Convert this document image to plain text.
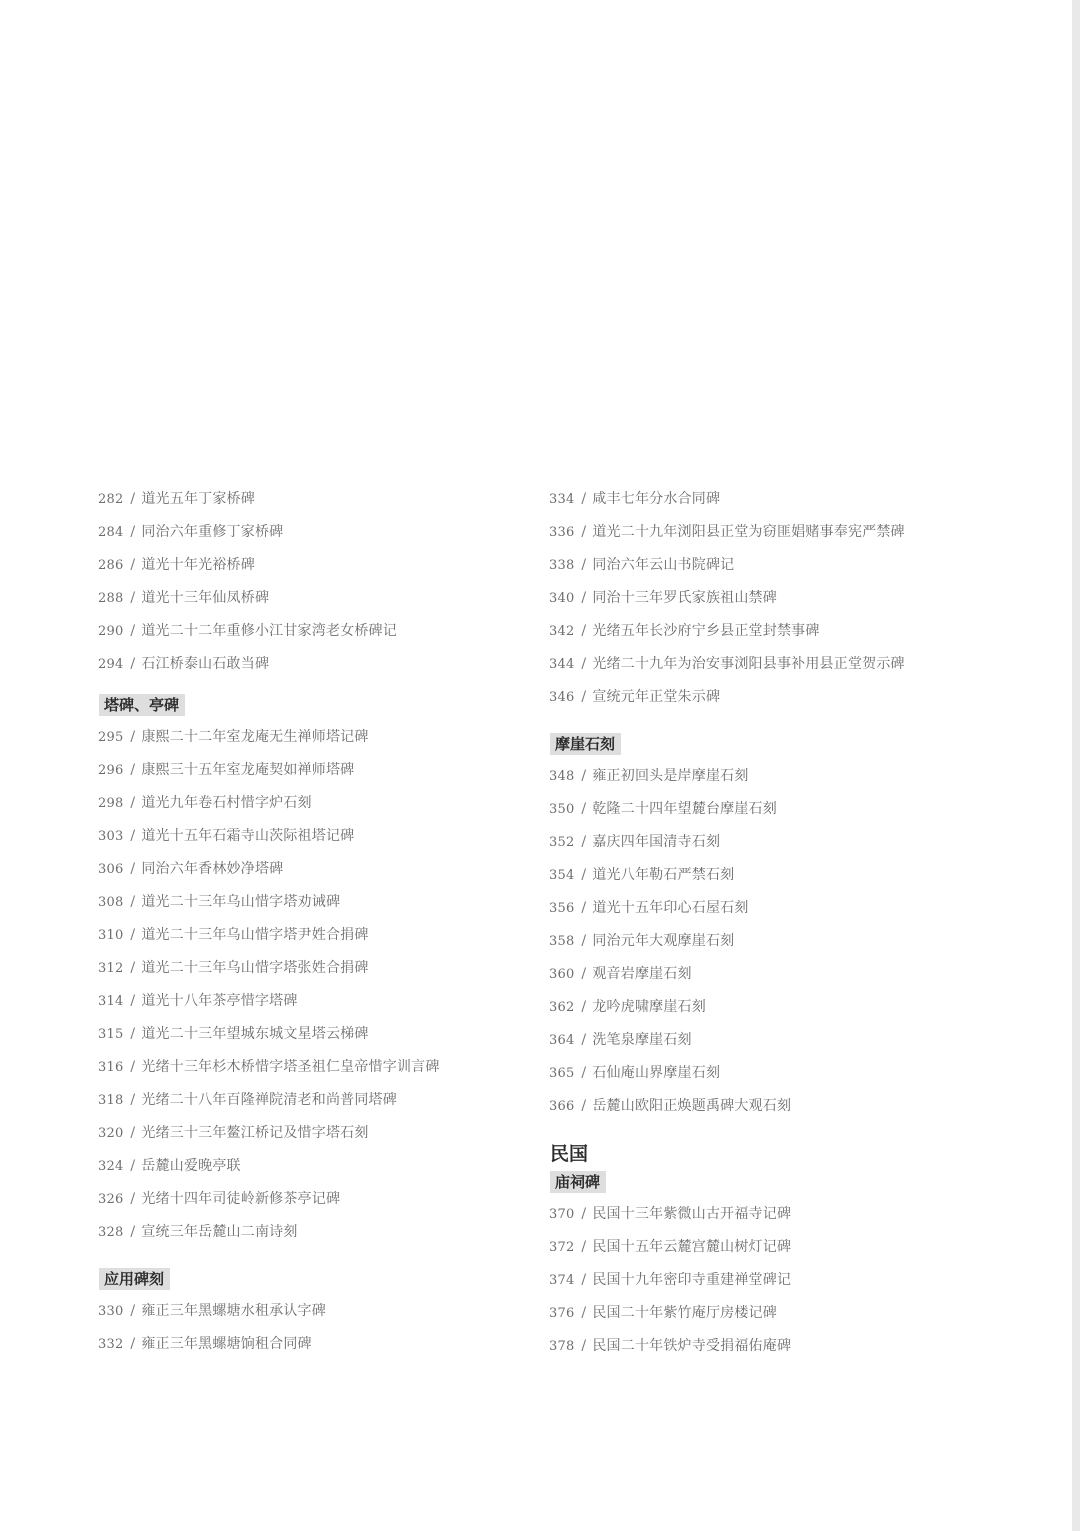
282 / 道光五年丁家桥碑
284 / 同治六年重修丁家桥碑
286 / 道光十年光裕桥碑
288 / 道光十三年仙凤桥碑
290 / 道光二十二年重修小江甘家湾老女桥碑记
294 / 石江桥泰山石敢当碑
塔碑、亭碑
295 / 康熙二十二年室龙庵无生禅师塔记碑
296 / 康熙三十五年室龙庵契如禅师塔碑
298 / 道光九年卷石村惜字炉石刻
303 / 道光十五年石霜寺山茨际祖塔记碑
306 / 同治六年香林妙净塔碑
308 / 道光二十三年乌山惜字塔劝诫碑
310 / 道光二十三年乌山惜字塔尹姓合捐碑
312 / 道光二十三年乌山惜字塔张姓合捐碑
314 / 道光十八年茶亭惜字塔碑
315 / 道光二十三年望城东城文星塔云梯碑
316 / 光绪十三年杉木桥惜字塔圣祖仁皇帝惜字训言碑
318 / 光绪二十八年百隆禅院清老和尚普同塔碑
320 / 光绪三十三年鳌江桥记及惜字塔石刻
324 / 岳麓山爱晚亭联
326 / 光绪十四年司徒岭新修茶亭记碑
328 / 宣统三年岳麓山二南诗刻
应用碑刻
330 / 雍正三年黑螺塘水租承认字碑
332 / 雍正三年黑螺塘饷租合同碑
334 / 咸丰七年分水合同碑
336 / 道光二十九年浏阳县正堂为窃匪娼赌事奉宪严禁碑
338 / 同治六年云山书院碑记
340 / 同治十三年罗氏家族祖山禁碑
342 / 光绪五年长沙府宁乡县正堂封禁事碑
344 / 光绪二十九年为治安事浏阳县事补用县正堂贺示碑
346 / 宣统元年正堂朱示碑
摩崖石刻
348 / 雍正初回头是岸摩崖石刻
350 / 乾隆二十四年望麓台摩崖石刻
352 / 嘉庆四年国清寺石刻
354 / 道光八年勒石严禁石刻
356 / 道光十五年印心石屋石刻
358 / 同治元年大观摩崖石刻
360 / 观音岩摩崖石刻
362 / 龙吟虎啸摩崖石刻
364 / 洗笔泉摩崖石刻
365 / 石仙庵山界摩崖石刻
366 / 岳麓山欧阳正焕题禹碑大观石刻
民国
庙祠碑
370 / 民国十三年紫微山古开福寺记碑
372 / 民国十五年云麓宫麓山树灯记碑
374 / 民国十九年密印寺重建禅堂碑记
376 / 民国二十年紫竹庵厅房楼记碑
378 / 民国二十年铁炉寺受捐福佑庵碑
